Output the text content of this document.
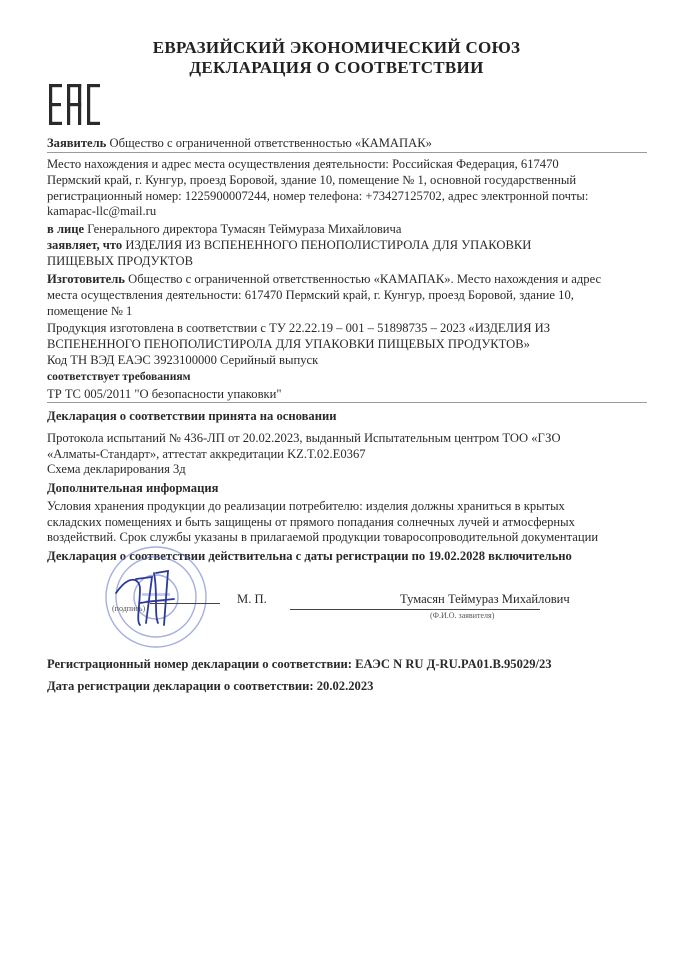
ЕВРАЗИЙСКИЙ ЭКОНОМИЧЕСКИЙ СОЮЗ
ДЕКЛАРАЦИЯ О СООТВЕТСТВИИ
Заявитель Общество с ограниченной ответственностью «КАМАПАК»
Место нахождения и адрес места осуществления деятельности: Российская Федерация, 617470
Пермский край, г. Кунгур, проезд Боровой, здание 10, помещение № 1, основной государственный
регистрационный номер: 1225900007244, номер телефона: +73427125702, адрес электронной почты:
kamapac-llc@mail.ru
в лице Генерального директора Тумасян Теймураза Михайловича
заявляет, что ИЗДЕЛИЯ ИЗ ВСПЕНЕННОГО ПЕНОПОЛИСТИРОЛА ДЛЯ УПАКОВКИ
ПИЩЕВЫХ ПРОДУКТОВ
Изготовитель Общество с ограниченной ответственностью «КАМАПАК». Место нахождения и адрес
места осуществления деятельности: 617470 Пермский край, г. Кунгур, проезд Боровой, здание 10,
помещение № 1
Продукция изготовлена в соответствии с ТУ 22.22.19 – 001 – 51898735 – 2023 «ИЗДЕЛИЯ ИЗ
ВСПЕНЕННОГО ПЕНОПОЛИСТИРОЛА ДЛЯ УПАКОВКИ ПИЩЕВЫХ ПРОДУКТОВ»
Код ТН ВЭД ЕАЭС 3923100000 Серийный выпуск
соответствует требованиям
ТР ТС 005/2011 "О безопасности упаковки"
Декларация о соответствии принята на основании
Протокола испытаний № 436-ЛП от 20.02.2023, выданный Испытательным центром ТОО «ГЗО
«Алматы-Стандарт», аттестат аккредитации KZ.T.02.E0367
Схема декларирования 3д
Дополнительная информация
Условия хранения продукции до реализации потребителю: изделия должны храниться в крытых
складских помещениях и быть защищены от прямого попадания солнечных лучей и атмосферных
воздействий. Срок службы указаны в прилагаемой продукции товаросопроводительной документации
Декларация о соответствии действительна с даты регистрации по 19.02.2028 включительно
(подпись)
М. П.	Тумасян Теймураз Михайлович
(Ф.И.О. заявителя)
Регистрационный номер декларации о соответствии: ЕАЭС N RU Д-RU.PA01.B.95029/23
Дата регистрации декларации о соответствии: 20.02.2023
